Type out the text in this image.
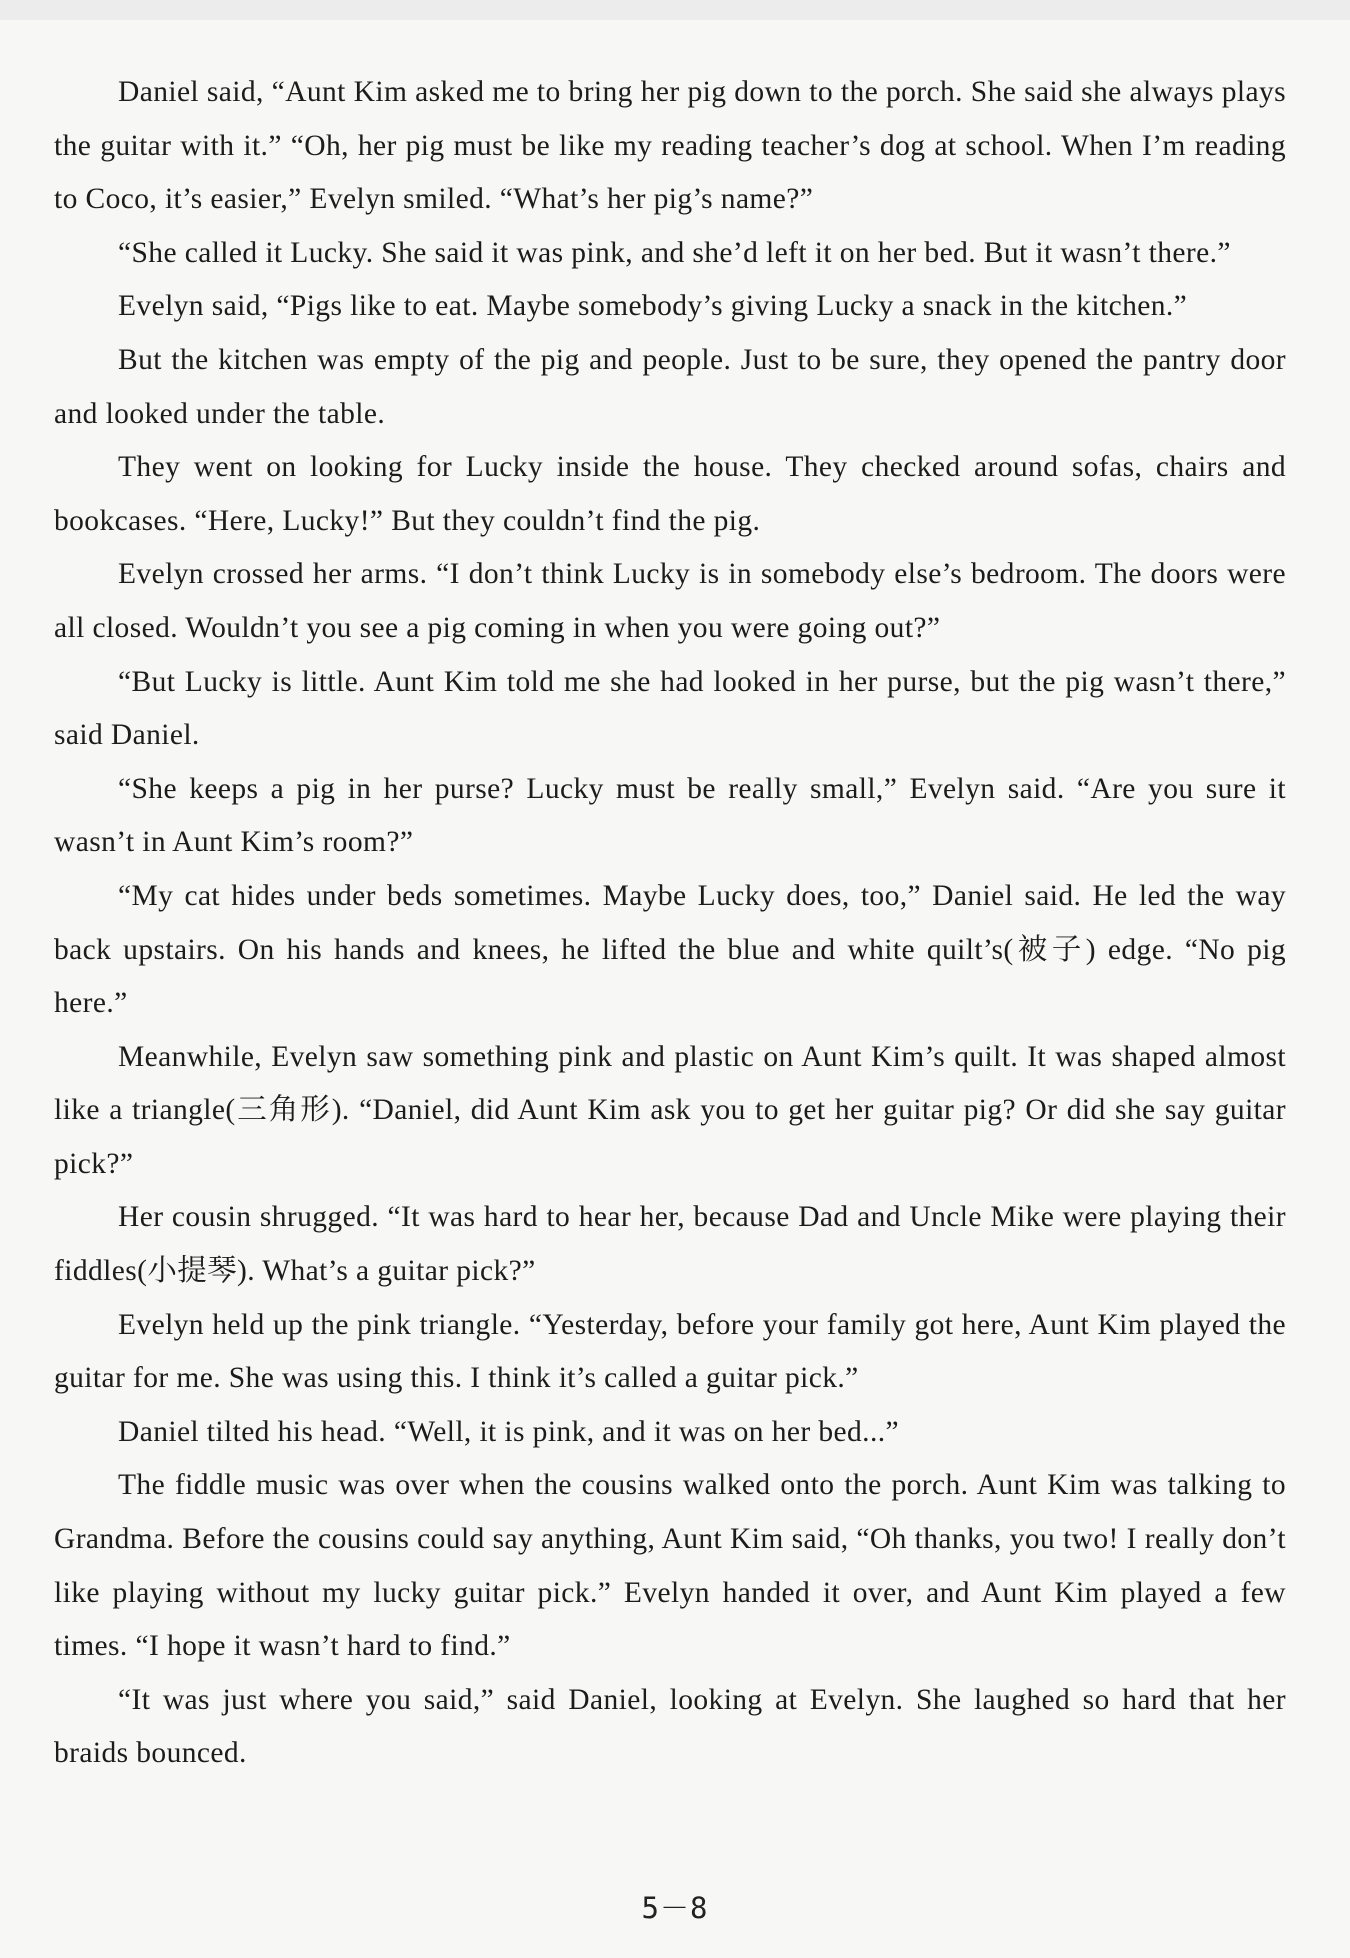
Daniel said, “Aunt Kim asked me to bring her pig down to the porch. She said she always plays the guitar with it.” “Oh, her pig must be like my reading teacher’s dog at school. When I’m reading to Coco, it’s easier,” Evelyn smiled. “What’s her pig’s name?”

“She called it Lucky. She said it was pink, and she’d left it on her bed. But it wasn’t there.”

Evelyn said, “Pigs like to eat. Maybe somebody’s giving Lucky a snack in the kitchen.”

But the kitchen was empty of the pig and people. Just to be sure, they opened the pantry door and looked under the table.

They went on looking for Lucky inside the house. They checked around sofas, chairs and bookcases. “Here, Lucky!” But they couldn’t find the pig.

Evelyn crossed her arms. “I don’t think Lucky is in somebody else’s bedroom. The doors were all closed. Wouldn’t you see a pig coming in when you were going out?”

“But Lucky is little. Aunt Kim told me she had looked in her purse, but the pig wasn’t there,” said Daniel.

“She keeps a pig in her purse? Lucky must be really small,” Evelyn said. “Are you sure it wasn’t in Aunt Kim’s room?”

“My cat hides under beds sometimes. Maybe Lucky does, too,” Daniel said. He led the way back upstairs. On his hands and knees, he lifted the blue and white quilt’s(被子) edge. “No pig here.”

Meanwhile, Evelyn saw something pink and plastic on Aunt Kim’s quilt. It was shaped almost like a triangle(三角形). “Daniel, did Aunt Kim ask you to get her guitar pig? Or did she say guitar pick?”

Her cousin shrugged. “It was hard to hear her, because Dad and Uncle Mike were playing their fiddles(小提琴). What’s a guitar pick?”

Evelyn held up the pink triangle. “Yesterday, before your family got here, Aunt Kim played the guitar for me. She was using this. I think it’s called a guitar pick.”

Daniel tilted his head. “Well, it is pink, and it was on her bed...”

The fiddle music was over when the cousins walked onto the porch. Aunt Kim was talking to Grandma. Before the cousins could say anything, Aunt Kim said, “Oh thanks, you two! I really don’t like playing without my lucky guitar pick.” Evelyn handed it over, and Aunt Kim played a few times. “I hope it wasn’t hard to find.”

“It was just where you said,” said Daniel, looking at Evelyn. She laughed so hard that her braids bounced.

5－8
